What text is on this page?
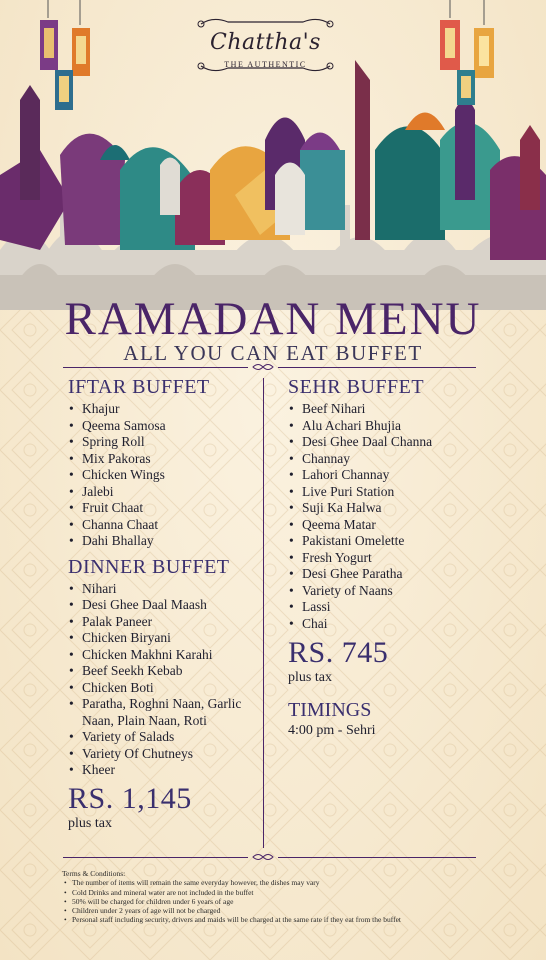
Chattha's
THE AUTHENTIC
RAMADAN MENU
ALL YOU CAN EAT BUFFET
IFTAR BUFFET
• Khajur
• Qeema Samosa
• Spring Roll
• Mix Pakoras
• Chicken Wings
• Jalebi
• Fruit Chaat
• Channa Chaat
• Dahi Bhallay
DINNER BUFFET
• Nihari
• Desi Ghee Daal Maash
• Palak Paneer
• Chicken Biryani
• Chicken Makhni Karahi
• Beef Seekh Kebab
• Chicken Boti
• Paratha, Roghni Naan, Garlic Naan, Plain Naan, Roti
• Variety of Salads
• Variety Of Chutneys
• Kheer
RS. 1,145
plus tax
SEHR BUFFET
• Beef Nihari
• Alu Achari Bhujia
• Desi Ghee Daal Channa
• Channay
• Lahori Channay
• Live Puri Station
• Suji Ka Halwa
• Qeema Matar
• Pakistani Omelette
• Fresh Yogurt
• Desi Ghee Paratha
• Variety of Naans
• Lassi
• Chai
RS. 745
plus tax
TIMINGS
4:00 pm - Sehri
Terms & Conditions:
• The number of items will remain the same everyday however, the dishes may vary
• Cold Drinks and mineral water are not included in the buffet
• 50% will be charged for children under 6 years of age
• Children under 2 years of age will not be charged
• Personal staff including security, drivers and maids will be charged at the same rate if they eat from the buffet
